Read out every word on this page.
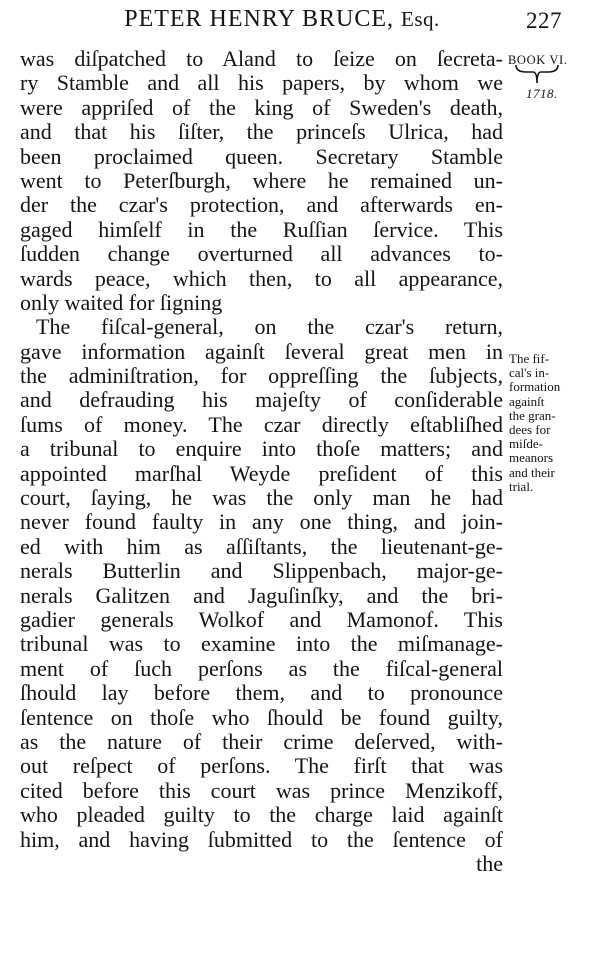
PETER HENRY BRUCE, Esq.	227
BOOK VI.
1718.
The fif-
cal's in-
formation
againſt
the gran-
dees for
miſde-
meanors
and their
trial.
was diſpatched to Aland to ſeize on ſecreta-
ry Stamble and all his papers, by whom we
were appriſed of the king of Sweden's death,
and that his ſiſter, the princeſs Ulrica, had
been proclaimed queen. Secretary Stamble
went to Peterſburgh, where he remained un-
der the czar's protection, and afterwards en-
gaged himſelf in the Ruſſian ſervice. This
ſudden change overturned all advances to-
wards peace, which then, to all appearance,
only waited for ſigning
The fiſcal-general, on the czar's return,
gave information againſt ſeveral great men in
the adminiſtration, for oppreſſing the ſubjects,
and defrauding his majeſty of conſiderable
ſums of money. The czar directly eſtabliſhed
a tribunal to enquire into thoſe matters; and
appointed marſhal Weyde preſident of this
court, ſaying, he was the only man he had
never found faulty in any one thing, and join-
ed with him as aſſiſtants, the lieutenant-ge-
nerals Butterlin and Slippenbach, major-ge-
nerals Galitzen and Jaguſinſky, and the bri-
gadier generals Wolkof and Mamonof. This
tribunal was to examine into the miſmanage-
ment of ſuch perſons as the fiſcal-general
ſhould lay before them, and to pronounce
ſentence on thoſe who ſhould be found guilty,
as the nature of their crime deſerved, with-
out reſpect of perſons. The firſt that was
cited before this court was prince Menzikoff,
who pleaded guilty to the charge laid againſt
him, and having ſubmitted to the ſentence of
the
